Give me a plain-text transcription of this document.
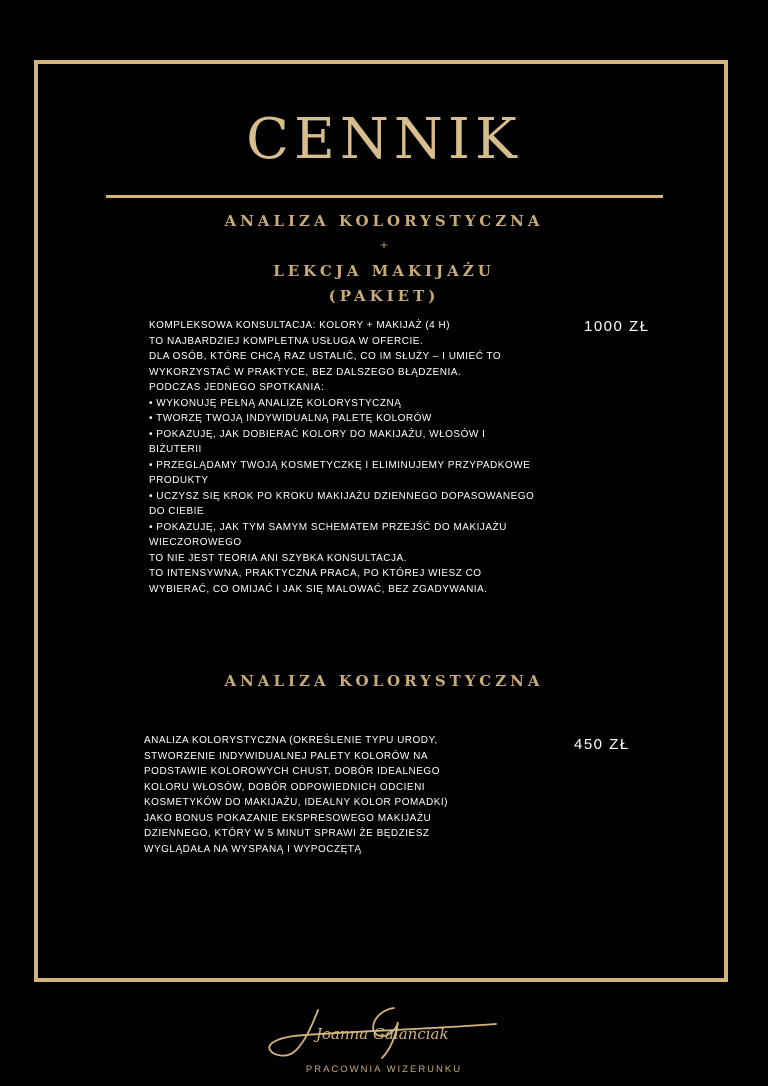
CENNIK
ANALIZA KOLORYSTYCZNA
+
LEKCJA MAKIJAŻU
(PAKIET)
KOMPLEKSOWA KONSULTACJA: KOLORY + MAKIJAŻ (4 H)
TO NAJBARDZIEJ KOMPLETNA USŁUGA W OFERCIE.
DLA OSÓB, KTÓRE CHCĄ RAZ USTALIĆ, CO IM SŁUŻY – I UMIEĆ TO WYKORZYSTAĆ W PRAKTYCE, BEZ DALSZEGO BŁĄDZENIA.
PODCZAS JEDNEGO SPOTKANIA:
• WYKONUJĘ PEŁNĄ ANALIZĘ KOLORYSTYCZNĄ
• TWORZĘ TWOJĄ INDYWIDUALNĄ PALETĘ KOLORÓW
• POKAZUJĘ, JAK DOBIERAĆ KOLORY DO MAKIJAŻU, WŁOSÓW I BIŻUTERII
• PRZEGLĄDAMY TWOJĄ KOSMETYCZKĘ I ELIMINUJEMY PRZYPADKOWE PRODUKTY
• UCZYSZ SIĘ KROK PO KROKU MAKIJAŻU DZIENNEGO DOPASOWANEGO DO CIEBIE
• POKAZUJĘ, JAK TYM SAMYM SCHEMATEM PRZEJŚĆ DO MAKIJAŻU WIECZOROWEGO
TO NIE JEST TEORIA ANI SZYBKA KONSULTACJA.
TO INTENSYWNA, PRAKTYCZNA PRACA, PO KTÓREJ WIESZ CO WYBIERAĆ, CO OMIJAĆ I JAK SIĘ MALOWAĆ, BEZ ZGADYWANIA.
1000 ZŁ
ANALIZA KOLORYSTYCZNA
ANALIZA KOLORYSTYCZNA (OKREŚLENIE TYPU URODY, STWORZENIE INDYWIDUALNEJ PALETY KOLORÓW NA PODSTAWIE KOLOROWYCH CHUST, DOBÓR IDEALNEGO KOLORU WŁOSÓW, DOBÓR ODPOWIEDNICH ODCIENI KOSMETYKÓW DO MAKIJAŻU, IDEALNY KOLOR POMADKI)
JAKO BONUS POKAZANIE EKSPRESOWEGO MAKIJAŻU DZIENNEGO, KTÓRY W 5 MINUT SPRAWI ŻE BĘDZIESZ WYGLĄDAŁA NA WYSPANĄ I WYPOCZĘTĄ
450 ZŁ
Joanna Galanciak
PRACOWNIA WIZERUNKU
